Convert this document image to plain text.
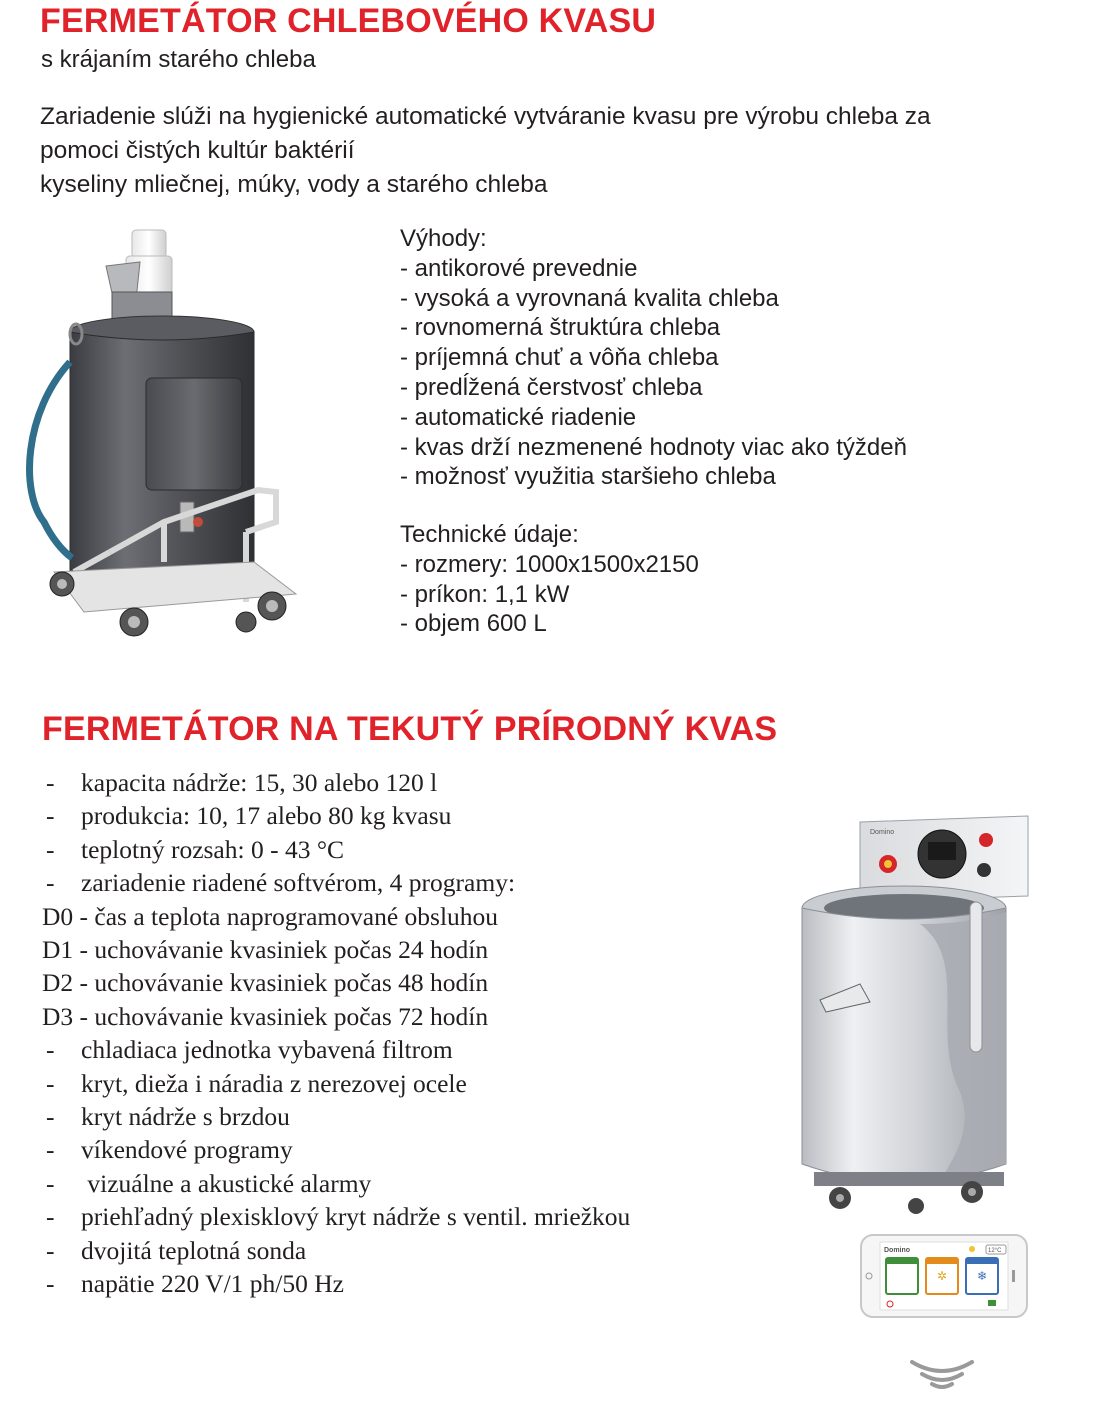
FERMETÁTOR CHLEBOVÉHO KVASU
s krájaním starého chleba
Zariadenie slúži na hygienické automatické vytváranie kvasu pre výrobu chleba za
pomoci čistých kultúr baktérií
kyseliny mliečnej, múky, vody a starého chleba
Výhody:
- antikorové prevednie
- vysoká a vyrovnaná kvalita chleba
- rovnomerná štruktúra chleba
- príjemná chuť a vôňa chleba
- predĺžená čerstvosť chleba
- automatické riadenie
- kvas drží nezmenené hodnoty viac ako týždeň
- možnosť využitia staršieho chleba
Technické údaje:
- rozmery: 1000x1500x2150
- príkon: 1,1 kW
- objem 600 L
FERMETÁTOR NA TEKUTÝ PRÍRODNÝ KVAS
- kapacita nádrže: 15, 30 alebo 120 l
- produkcia: 10, 17 alebo 80 kg kvasu
- teplotný rozsah: 0 - 43 °C
- zariadenie riadené softvérom, 4 programy:
D0 - čas a teplota naprogramované obsluhou
D1 - uchovávanie kvasiniek počas 24 hodín
D2 - uchovávanie kvasiniek počas 48 hodín
D3 - uchovávanie kvasiniek počas 72 hodín
- chladiaca jednotka vybavená filtrom
- kryt, dieža i náradia z nerezovej ocele
- kryt nádrže s brzdou
- víkendové programy
- vizuálne a akustické alarmy
- priehľadný plexisklový kryt nádrže s ventil. mriežkou
- dvojitá teplotná sonda
- napätie 220 V/1 ph/50 Hz
Domino
Domino	12°C
✲ ❄
